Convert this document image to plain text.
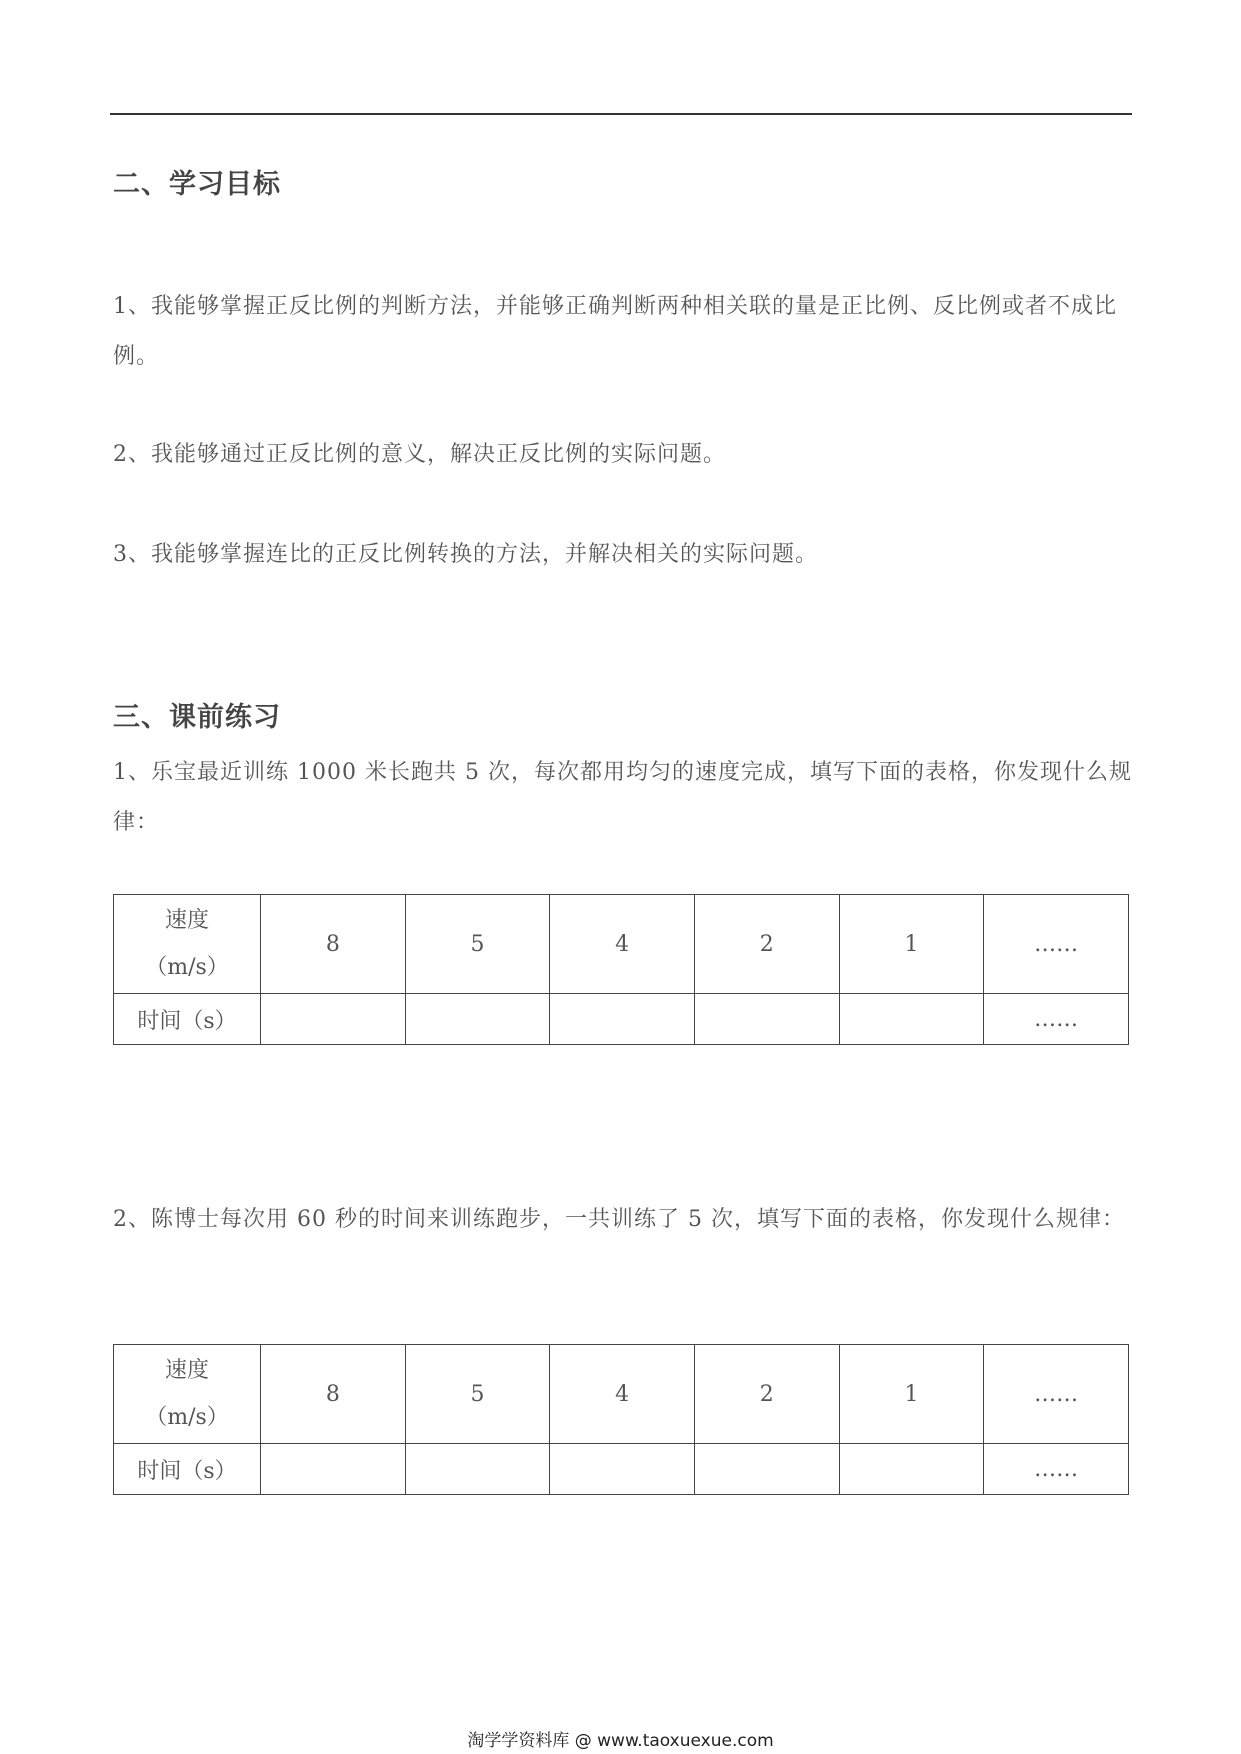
二、学习目标

1、我能够掌握正反比例的判断方法，并能够正确判断两种相关联的量是正比例、反比例或者不成比例。

2、我能够通过正反比例的意义，解决正反比例的实际问题。

3、我能够掌握连比的正反比例转换的方法，并解决相关的实际问题。

三、课前练习

1、乐宝最近训练 1000 米长跑共 5 次，每次都用均匀的速度完成，填写下面的表格，你发现什么规律：

速度
（m/s）	8	5	4	2	1	……
时间（s）						……

2、陈博士每次用 60 秒的时间来训练跑步，一共训练了 5 次，填写下面的表格，你发现什么规律：

速度
（m/s）	8	5	4	2	1	……
时间（s）						……
淘学学资料库 @ www.taoxuexue.com
